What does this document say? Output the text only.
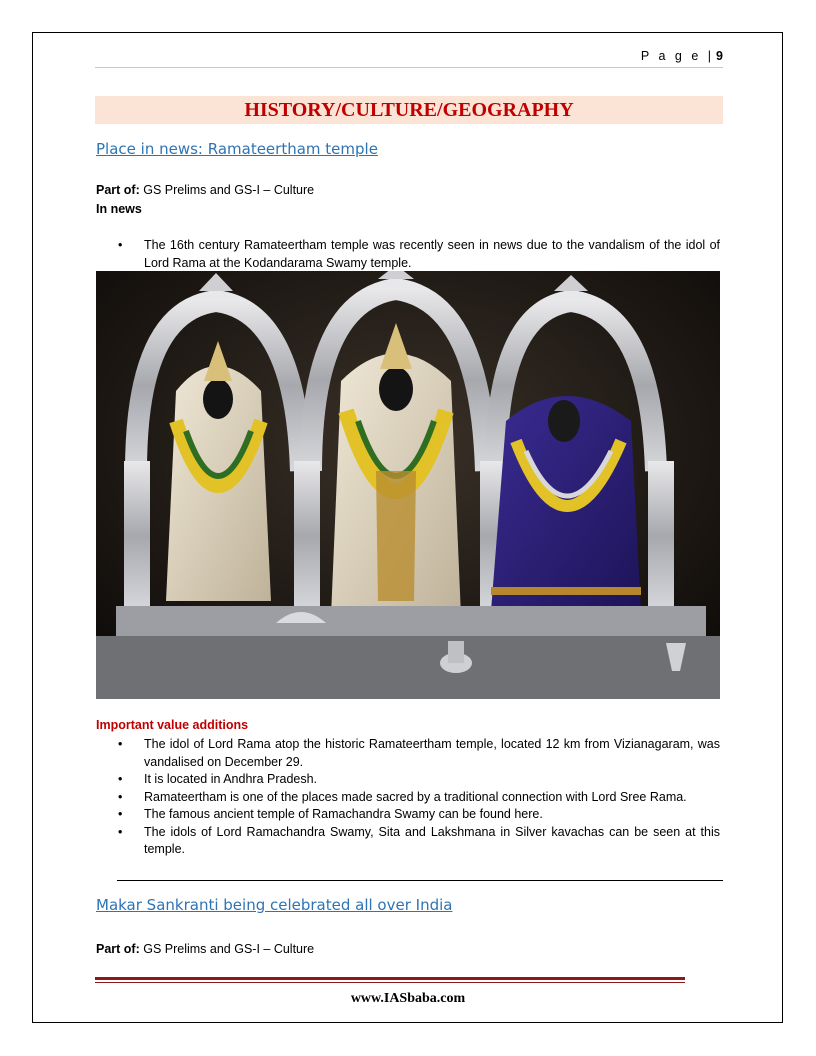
P a g e | 9
HISTORY/CULTURE/GEOGRAPHY
Place in news: Ramateertham temple
Part of: GS Prelims and GS-I – Culture
In news
• The 16th century Ramateertham temple was recently seen in news due to the vandalism of the idol of Lord Rama at the Kodandarama Swamy temple.
Important value additions
• The idol of Lord Rama atop the historic Ramateertham temple, located 12 km from Vizianagaram, was vandalised on December 29.
• It is located in Andhra Pradesh.
• Ramateertham is one of the places made sacred by a traditional connection with Lord Sree Rama.
• The famous ancient temple of Ramachandra Swamy can be found here.
• The idols of Lord Ramachandra Swamy, Sita and Lakshmana in Silver kavachas can be seen at this temple.
Makar Sankranti being celebrated all over India
Part of: GS Prelims and GS-I – Culture
www.IASbaba.com
